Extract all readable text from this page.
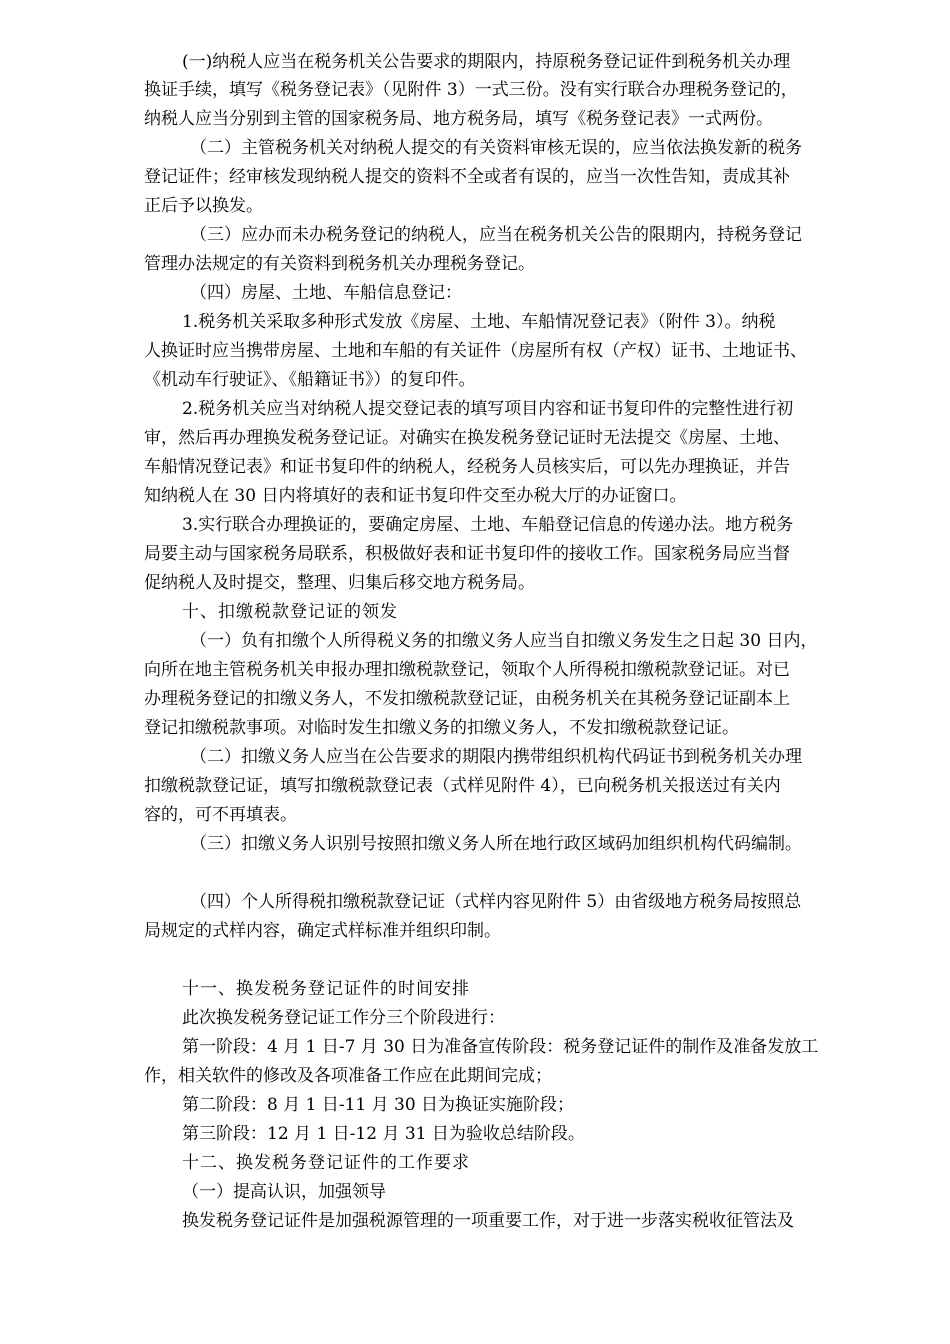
(一)纳税人应当在税务机关公告要求的期限内，持原税务登记证件到税务机关办理
换证手续，填写《税务登记表》（见附件 3）一式三份。没有实行联合办理税务登记的，
纳税人应当分别到主管的国家税务局、地方税务局，填写《税务登记表》一式两份。
（二）主管税务机关对纳税人提交的有关资料审核无误的，应当依法换发新的税务
登记证件；经审核发现纳税人提交的资料不全或者有误的，应当一次性告知，责成其补
正后予以换发。
（三）应办而未办税务登记的纳税人，应当在税务机关公告的限期内，持税务登记
管理办法规定的有关资料到税务机关办理税务登记。
（四）房屋、土地、车船信息登记：
1.税务机关采取多种形式发放《房屋、土地、车船情况登记表》（附件 3）。纳税
人换证时应当携带房屋、土地和车船的有关证件（房屋所有权（产权）证书、土地证书、
《机动车行驶证》、《船籍证书》）的复印件。
2.税务机关应当对纳税人提交登记表的填写项目内容和证书复印件的完整性进行初
审，然后再办理换发税务登记证。对确实在换发税务登记证时无法提交《房屋、土地、
车船情况登记表》和证书复印件的纳税人，经税务人员核实后，可以先办理换证，并告
知纳税人在 30 日内将填好的表和证书复印件交至办税大厅的办证窗口。
3.实行联合办理换证的，要确定房屋、土地、车船登记信息的传递办法。地方税务
局要主动与国家税务局联系，积极做好表和证书复印件的接收工作。国家税务局应当督
促纳税人及时提交，整理、归集后移交地方税务局。
十、扣缴税款登记证的领发
（一）负有扣缴个人所得税义务的扣缴义务人应当自扣缴义务发生之日起 30 日内，
向所在地主管税务机关申报办理扣缴税款登记，领取个人所得税扣缴税款登记证。对已
办理税务登记的扣缴义务人，不发扣缴税款登记证，由税务机关在其税务登记证副本上
登记扣缴税款事项。对临时发生扣缴义务的扣缴义务人，不发扣缴税款登记证。
（二）扣缴义务人应当在公告要求的期限内携带组织机构代码证书到税务机关办理
扣缴税款登记证，填写扣缴税款登记表（式样见附件 4），已向税务机关报送过有关内
容的，可不再填表。
（三）扣缴义务人识别号按照扣缴义务人所在地行政区域码加组织机构代码编制。
（四）个人所得税扣缴税款登记证（式样内容见附件 5）由省级地方税务局按照总
局规定的式样内容，确定式样标准并组织印制。
十一、换发税务登记证件的时间安排
此次换发税务登记证工作分三个阶段进行：
第一阶段：4 月 1 日-7 月 30 日为准备宣传阶段：税务登记证件的制作及准备发放工
作，相关软件的修改及各项准备工作应在此期间完成；
第二阶段：8 月 1 日-11 月 30 日为换证实施阶段；
第三阶段：12 月 1 日-12 月 31 日为验收总结阶段。
十二、换发税务登记证件的工作要求
（一）提高认识，加强领导
换发税务登记证件是加强税源管理的一项重要工作，对于进一步落实税收征管法及
